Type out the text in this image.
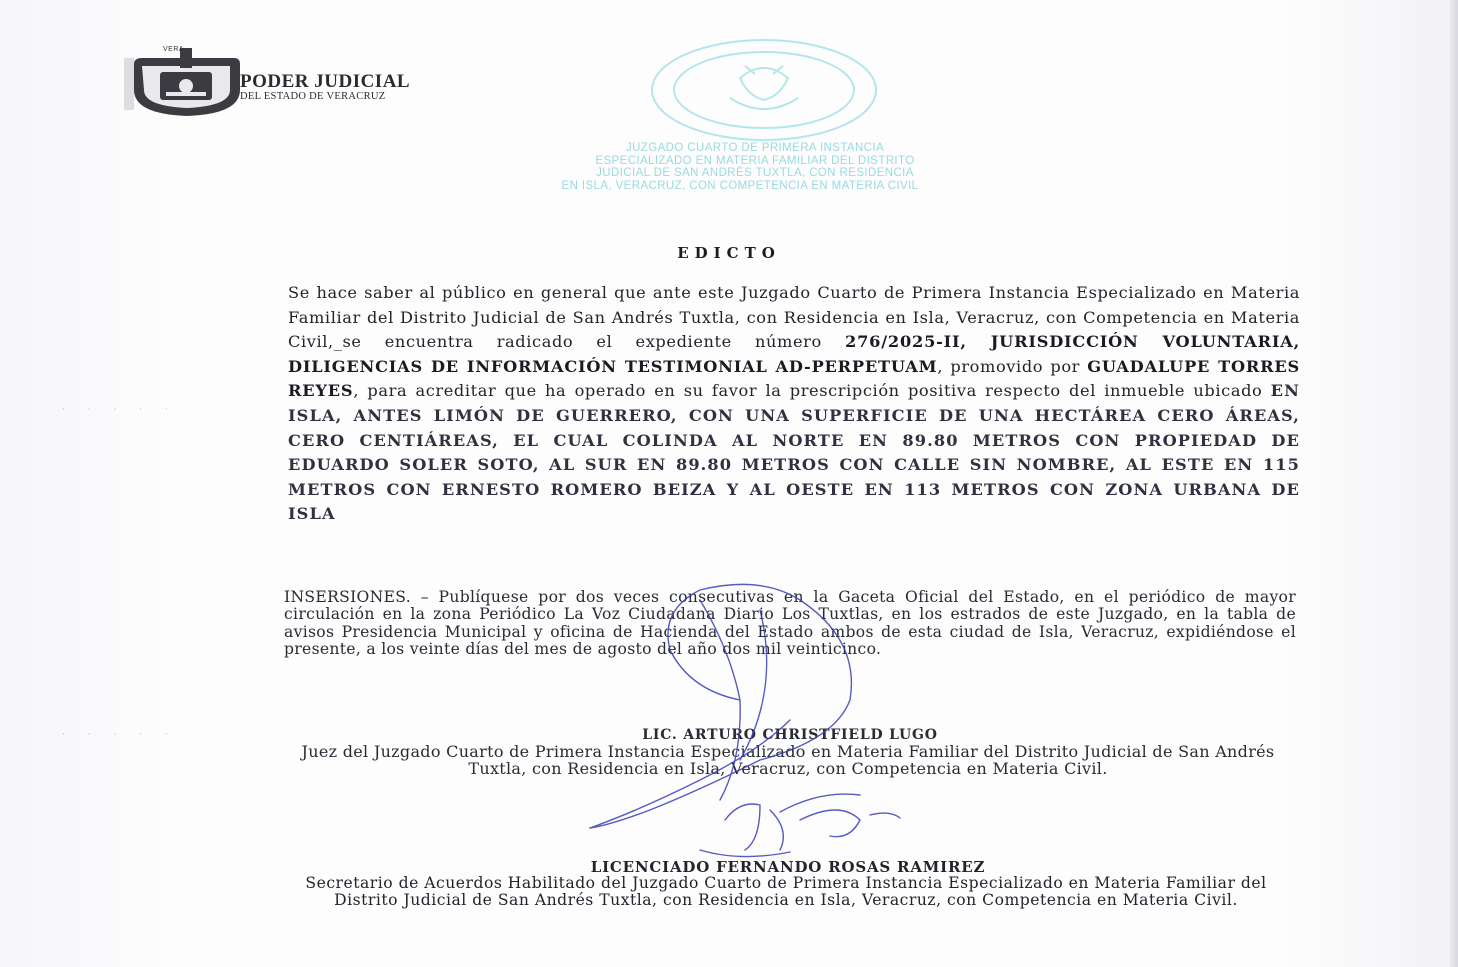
VERA
PODER JUDICIAL
DEL ESTADO DE VERACRUZ
JUZGADO CUARTO DE PRIMERA INSTANCIA
ESPECIALIZADO EN MATERIA FAMILIAR DEL DISTRITO
JUDICIAL DE SAN ANDRÉS TUXTLA, CON RESIDENCIA
EN ISLA, VERACRUZ, CON COMPETENCIA EN MATERIA CIVIL
EDICTO
Se hace saber al público en general que ante este Juzgado Cuarto de Primera Instancia Especializado en Materia Familiar del Distrito Judicial de San Andrés Tuxtla, con Residencia en Isla, Veracruz, con Competencia en Materia Civil,_se encuentra radicado el expediente número 276/2025-II, JURISDICCIÓN VOLUNTARIA, DILIGENCIAS DE INFORMACIÓN TESTIMONIAL AD-PERPETUAM, promovido por GUADALUPE TORRES REYES, para acreditar que ha operado en su favor la prescripción positiva respecto del inmueble ubicado EN ISLA, ANTES LIMÓN DE GUERRERO, CON UNA SUPERFICIE DE UNA HECTÁREA CERO ÁREAS, CERO CENTIÁREAS, EL CUAL COLINDA AL NORTE EN 89.80 METROS CON PROPIEDAD DE EDUARDO SOLER SOTO, AL SUR EN 89.80 METROS CON CALLE SIN NOMBRE, AL ESTE EN 115 METROS CON ERNESTO ROMERO BEIZA Y AL OESTE EN 113 METROS CON ZONA URBANA DE ISLA
INSERSIONES. – Publíquese por dos veces consecutivas en la Gaceta Oficial del Estado, en el periódico de mayor circulación en la zona Periódico La Voz Ciudadana Diario Los Tuxtlas, en los estrados de este Juzgado, en la tabla de avisos Presidencia Municipal y oficina de Hacienda del Estado ambos de esta ciudad de Isla, Veracruz, expidiéndose el presente, a los veinte días del mes de agosto del año dos mil veinticinco.
LIC. ARTURO CHRISTFIELD LUGO
Juez del Juzgado Cuarto de Primera Instancia Especializado en Materia Familiar del Distrito Judicial de San Andrés Tuxtla, con Residencia en Isla, Veracruz, con Competencia en Materia Civil.
LICENCIADO FERNANDO ROSAS RAMIREZ
Secretario de Acuerdos Habilitado del Juzgado Cuarto de Primera Instancia Especializado en Materia Familiar del Distrito Judicial de San Andrés Tuxtla, con Residencia en Isla, Veracruz, con Competencia en Materia Civil.
· · · · ·
· · · · ·
